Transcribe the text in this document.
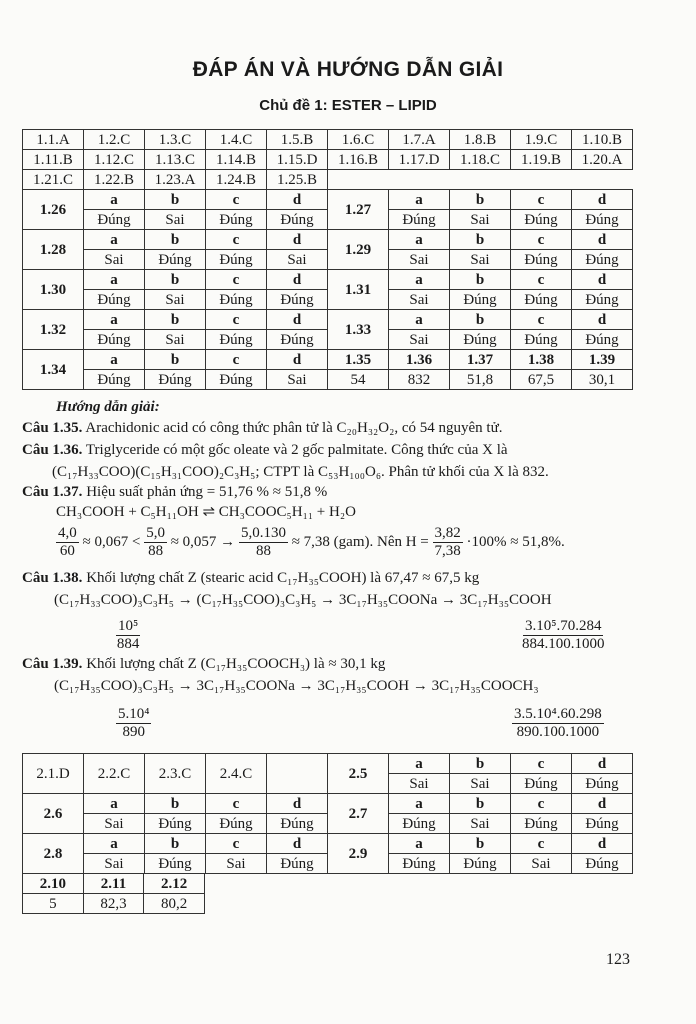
ĐÁP ÁN VÀ HƯỚNG DẪN GIẢI
Chủ đề 1: ESTER – LIPID
1.1.A	1.2.C	1.3.C	1.4.C	1.5.B	1.6.C	1.7.A	1.8.B	1.9.C	1.10.B
1.11.B	1.12.C	1.13.C	1.14.B	1.15.D	1.16.B	1.17.D	1.18.C	1.19.B	1.20.A
1.21.C	1.22.B	1.23.A	1.24.B	1.25.B					
1.26	a	b	c	d	1.27	a	b	c	d
	Đúng	Sai	Đúng	Đúng		Đúng	Sai	Đúng	Đúng
1.28	a	b	c	d	1.29	a	b	c	d
	Sai	Đúng	Đúng	Sai		Sai	Sai	Đúng	Đúng
1.30	a	b	c	d	1.31	a	b	c	d
	Đúng	Sai	Đúng	Đúng		Sai	Đúng	Đúng	Đúng
1.32	a	b	c	d	1.33	a	b	c	d
	Đúng	Sai	Đúng	Đúng		Sai	Đúng	Đúng	Đúng
1.34	a	b	c	d	1.35	1.36	1.37	1.38	1.39
	Đúng	Đúng	Đúng	Sai	54	832	51,8	67,5	30,1
Hướng dẫn giải:
Câu 1.35. Arachidonic acid có công thức phân tử là C₂₀H₃₂O₂, có 54 nguyên tử.
Câu 1.36. Triglyceride có một gốc oleate và 2 gốc palmitate. Công thức của X là
(C₁₇H₃₃COO)(C₁₅H₃₁COO)₂C₃H₅; CTPT là C₅₃H₁₀₀O₆. Phân tử khối của X là 832.
Câu 1.37. Hiệu suất phản ứng = 51,76 % ≈ 51,8 %
CH₃COOH + C₅H₁₁OH ⇌ CH₃COOC₅H₁₁ + H₂O
$\frac{4,0}{60} \approx 0,067 < \frac{5,0}{88} \approx 0,057 \to \frac{5,0.130}{88} \approx 7,38$ (gam). Nên $H = \frac{3,82}{7,38} \cdot 100\% \approx 51,8\%$.
Câu 1.38. Khối lượng chất Z (stearic acid C₁₇H₃₅COOH) là 67,47 ≈ 67,5 kg
(C₁₇H₃₃COO)₃C₃H₅ → (C₁₇H₃₅COO)₃C₃H₅ → 3C₁₇H₃₅COONa → 3C₁₇H₃₅COOH
$\frac{\text{10⁵}}{884}$	$\frac{\text{3.10⁵.70.284}}{884.100.1000}$
Câu 1.39. Khối lượng chất Z (C₁₇H₃₅COOCH₃) là ≈ 30,1 kg
(C₁₇H₃₅COO)₃C₃H₅ → 3C₁₇H₃₅COONa → 3C₁₇H₃₅COOH → 3C₁₇H₃₅COOCH₃
$\frac{\text{5.10⁴}}{890}$	$\frac{\text{3.5.10⁴.60.298}}{890.100.1000}$
2.1.D	2.2.C	2.3.C	2.4.C		2.5	a	b	c	d
						Sai	Sai	Đúng	Đúng
2.6	a	b	c	d	2.7	a	b	c	d
	Sai	Đúng	Đúng	Đúng		Đúng	Sai	Đúng	Đúng
2.8	a	b	c	d	2.9	a	b	c	d
	Sai	Đúng	Sai	Đúng		Đúng	Đúng	Sai	Đúng
2.10	2.11	2.12
5	82,3	80,2
123
